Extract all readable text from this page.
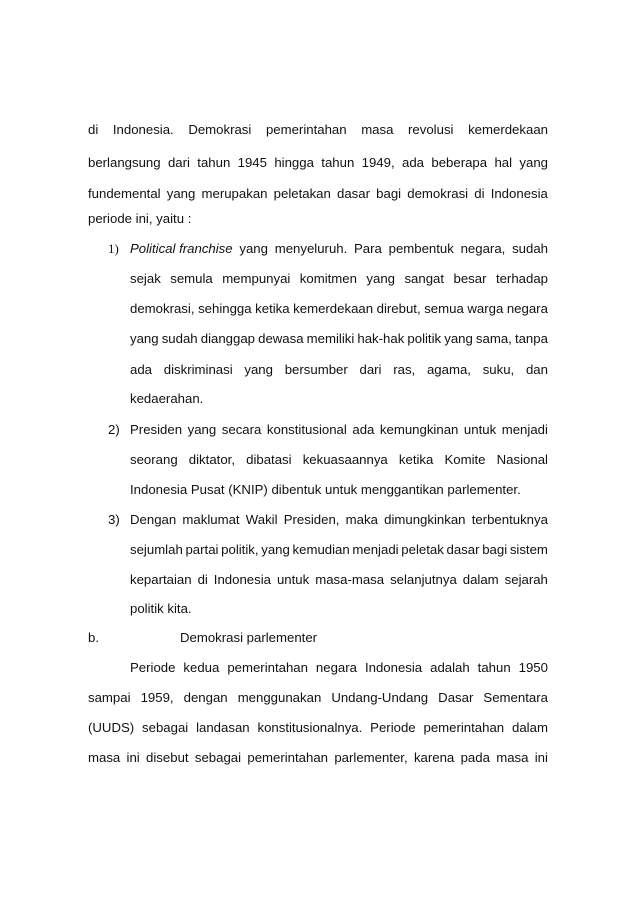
di Indonesia. Demokrasi pemerintahan masa revolusi kemerdekaan
berlangsung dari tahun 1945 hingga tahun 1949, ada beberapa hal yang
fundemental yang merupakan peletakan dasar bagi demokrasi di Indonesia
periode ini, yaitu :
1) Political franchise yang menyeluruh. Para pembentuk negara, sudah
sejak semula mempunyai komitmen yang sangat besar terhadap
demokrasi, sehingga ketika kemerdekaan direbut, semua warga negara
yang sudah dianggap dewasa memiliki hak-hak politik yang sama, tanpa
ada diskriminasi yang bersumber dari ras, agama, suku, dan
kedaerahan.
2) Presiden yang secara konstitusional ada kemungkinan untuk menjadi
seorang diktator, dibatasi kekuasaannya ketika Komite Nasional
Indonesia Pusat (KNIP) dibentuk untuk menggantikan parlementer.
3) Dengan maklumat Wakil Presiden, maka dimungkinkan terbentuknya
sejumlah partai politik, yang kemudian menjadi peletak dasar bagi sistem
kepartaian di Indonesia untuk masa-masa selanjutnya dalam sejarah
politik kita.
b.	Demokrasi parlementer
Periode kedua pemerintahan negara Indonesia adalah tahun 1950
sampai 1959, dengan menggunakan Undang-Undang Dasar Sementara
(UUDS) sebagai landasan konstitusionalnya. Periode pemerintahan dalam
masa ini disebut sebagai pemerintahan parlementer, karena pada masa ini
